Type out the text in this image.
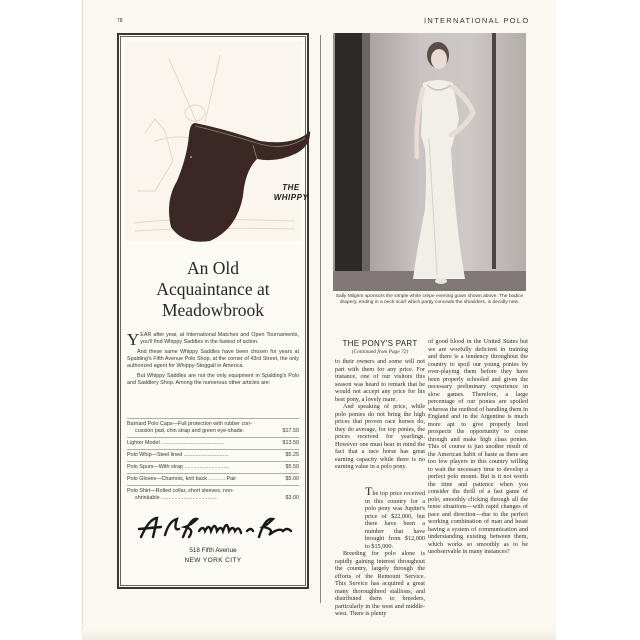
78	INTERNATIONAL POLO
THE
WHIPPY
An Old
Acquaintance at
Meadowbrook

YEAR after year, at International Matches and Open Tournaments, you'll find Whippy Saddles in the fastest of action.

And these same Whippy Saddles have been chosen for years at Spalding's Fifth Avenue Polo Shop, at the corner of 43rd Street, the only authorized agent for Whippy-Steggall in America.

But Whippy Saddles are not the only equipment in Spalding's Polo and Saddlery Shop. Among the numerous other articles are:

Barnard Polo Caps—Full protection with rubber con-
cussion pad, chin strap and green eye-shade.	$17.50
Lighter Model ..........................................	$13.50
Polo Whip—Steel lined ..............................	$5.25
Polo Spurs—With strap ..............................	$5.50
Polo Gloves—Chamois, knit back ........... Pair	$5.00
Polo Shirt—Rolled collar, short sleeves, non-
shrinkable ......................................	$3.00
518 Fifth Avenue
NEW YORK CITY
Sally Milgrim sponsors the simple white crepe evening gown shown above. The bodice drapery, ending in a neck scarf which partly conceals the shoulders, is decidly new.
THE PONY'S PART
(Continued from Page 72)

to their owners and some will not part with them for any price. For instance, one of our visitors this season was heard to remark that he would not accept any price for his best pony, a lovely mare.

And speaking of price, while polo ponies do not bring the high prices that proven race horses do, they do average, for top ponies, the prices received for yearlings. However one must bear in mind the fact that a race horse has great earning capacity while there is no earning value in a polo pony.

The top price received in this country for a polo pony was Jupiter's price of $22,000, but there have been a number that have brought from $12,000 to $15,000.

Breeding for polo alone is rapidly gaining interest throughout the country, largely through the efforts of the Remount Service. This Service has acquired a great many thoroughbred stallions, and distributed them to breeders, particularly in the west and middle-west. There is plenty

of good blood in the United States but we are woefully deficient in training and there is a tendency throughout the country to spoil our young ponies by over-playing them before they have been properly schooled and given the necessary preliminary experience in slow games. Therefore, a large percentage of our ponies are spoiled whereas the method of handling them in England and in the Argentine is much more apt to give properly bred prospects the opportunity to come through and make high class ponies. This of course is just another result of the American habit of haste as there are too few players in this country willing to wait the necessary time to develop a perfect polo mount. But is it not worth the time and patience when you consider the thrill of a fast game of polo, smoothly clicking through all the tense situations—with rapid changes of pace and direction—due to the perfect working combination of man and beast having a system of communication and understanding existing between them, which works so smoothly as to be unobservable in many instances?
